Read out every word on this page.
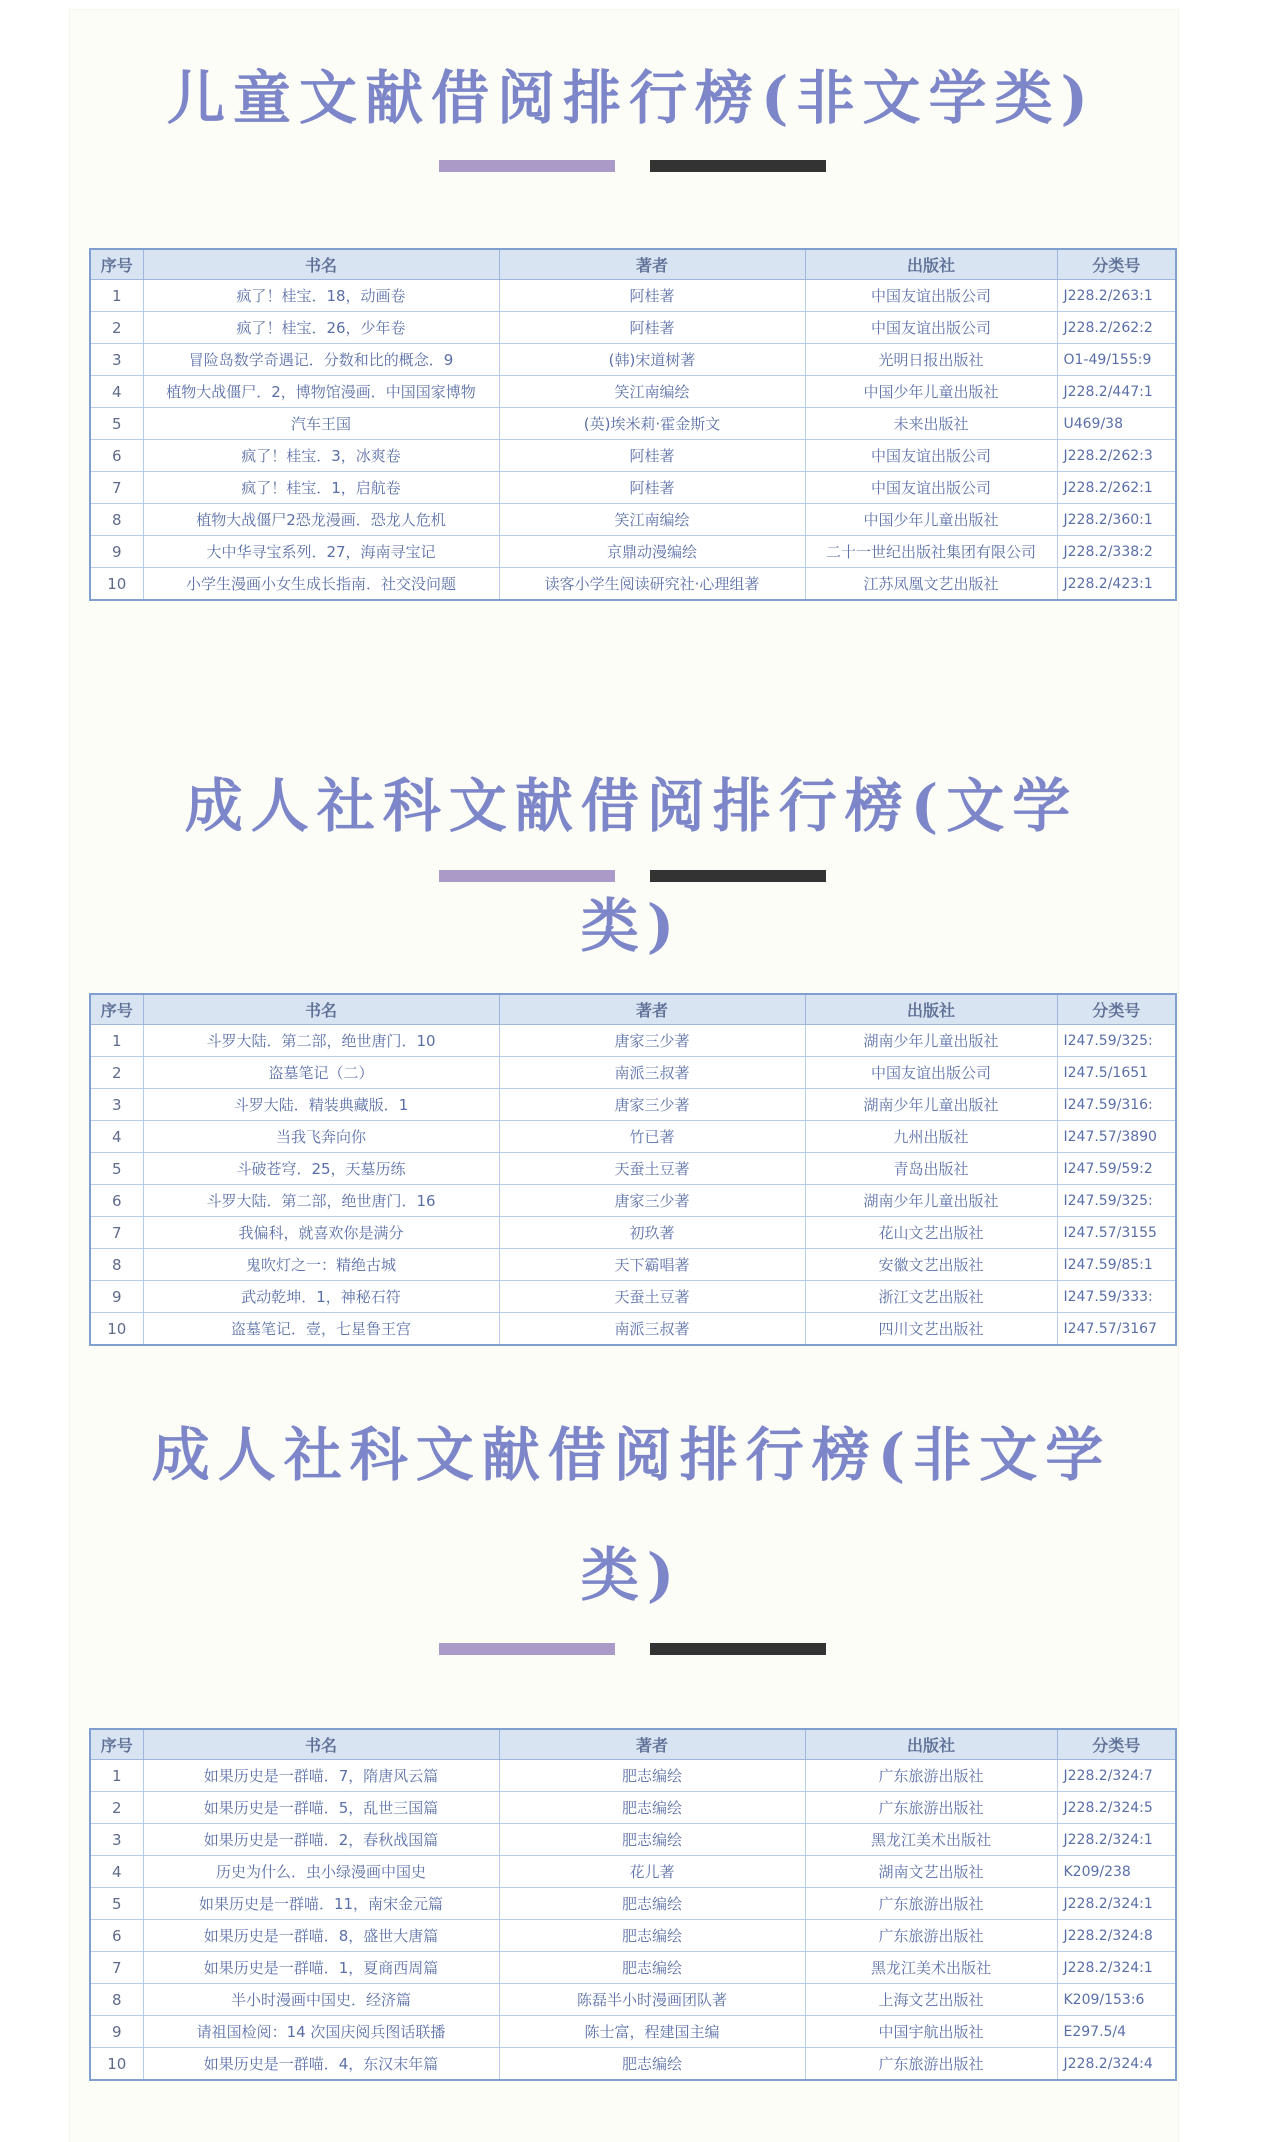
儿童文献借阅排行榜(非文学类)
序号	书名	著者	出版社	分类号
1	疯了！桂宝．18，动画卷	阿桂著	中国友谊出版公司	J228.2/263:1
2	疯了！桂宝．26，少年卷	阿桂著	中国友谊出版公司	J228.2/262:2
3	冒险岛数学奇遇记．分数和比的概念．9	(韩)宋道树著	光明日报出版社	O1-49/155:9
4	植物大战僵尸．2，博物馆漫画．中国国家博物	笑江南编绘	中国少年儿童出版社	J228.2/447:1
5	汽车王国	(英)埃米莉·霍金斯文	未来出版社	U469/38
6	疯了！桂宝．3，冰爽卷	阿桂著	中国友谊出版公司	J228.2/262:3
7	疯了！桂宝．1，启航卷	阿桂著	中国友谊出版公司	J228.2/262:1
8	植物大战僵尸2恐龙漫画．恐龙人危机	笑江南编绘	中国少年儿童出版社	J228.2/360:1
9	大中华寻宝系列．27，海南寻宝记	京鼎动漫编绘	二十一世纪出版社集团有限公司	J228.2/338:2
10	小学生漫画小女生成长指南．社交没问题	读客小学生阅读研究社·心理组著	江苏凤凰文艺出版社	J228.2/423:1
成人社科文献借阅排行榜(文学类)
序号	书名	著者	出版社	分类号
1	斗罗大陆．第二部，绝世唐门．10	唐家三少著	湖南少年儿童出版社	I247.59/325:
2	盗墓笔记（二）	南派三叔著	中国友谊出版公司	I247.5/1651
3	斗罗大陆．精装典藏版．1	唐家三少著	湖南少年儿童出版社	I247.59/316:
4	当我飞奔向你	竹已著	九州出版社	I247.57/3890
5	斗破苍穹．25，天墓历练	天蚕土豆著	青岛出版社	I247.59/59:2
6	斗罗大陆．第二部，绝世唐门．16	唐家三少著	湖南少年儿童出版社	I247.59/325:
7	我偏科，就喜欢你是满分	初玖著	花山文艺出版社	I247.57/3155
8	鬼吹灯之一：精绝古城	天下霸唱著	安徽文艺出版社	I247.59/85:1
9	武动乾坤．1，神秘石符	天蚕土豆著	浙江文艺出版社	I247.59/333:
10	盗墓笔记．壹，七星鲁王宫	南派三叔著	四川文艺出版社	I247.57/3167
成人社科文献借阅排行榜(非文学
类)
序号	书名	著者	出版社	分类号
1	如果历史是一群喵．7，隋唐风云篇	肥志编绘	广东旅游出版社	J228.2/324:7
2	如果历史是一群喵．5，乱世三国篇	肥志编绘	广东旅游出版社	J228.2/324:5
3	如果历史是一群喵．2，春秋战国篇	肥志编绘	黑龙江美术出版社	J228.2/324:1
4	历史为什么．虫小绿漫画中国史	花儿著	湖南文艺出版社	K209/238
5	如果历史是一群喵．11，南宋金元篇	肥志编绘	广东旅游出版社	J228.2/324:1
6	如果历史是一群喵．8，盛世大唐篇	肥志编绘	广东旅游出版社	J228.2/324:8
7	如果历史是一群喵．1，夏商西周篇	肥志编绘	黑龙江美术出版社	J228.2/324:1
8	半小时漫画中国史．经济篇	陈磊半小时漫画团队著	上海文艺出版社	K209/153:6
9	请祖国检阅：14 次国庆阅兵图话联播	陈士富，程建国主编	中国宇航出版社	E297.5/4
10	如果历史是一群喵．4，东汉末年篇	肥志编绘	广东旅游出版社	J228.2/324:4
